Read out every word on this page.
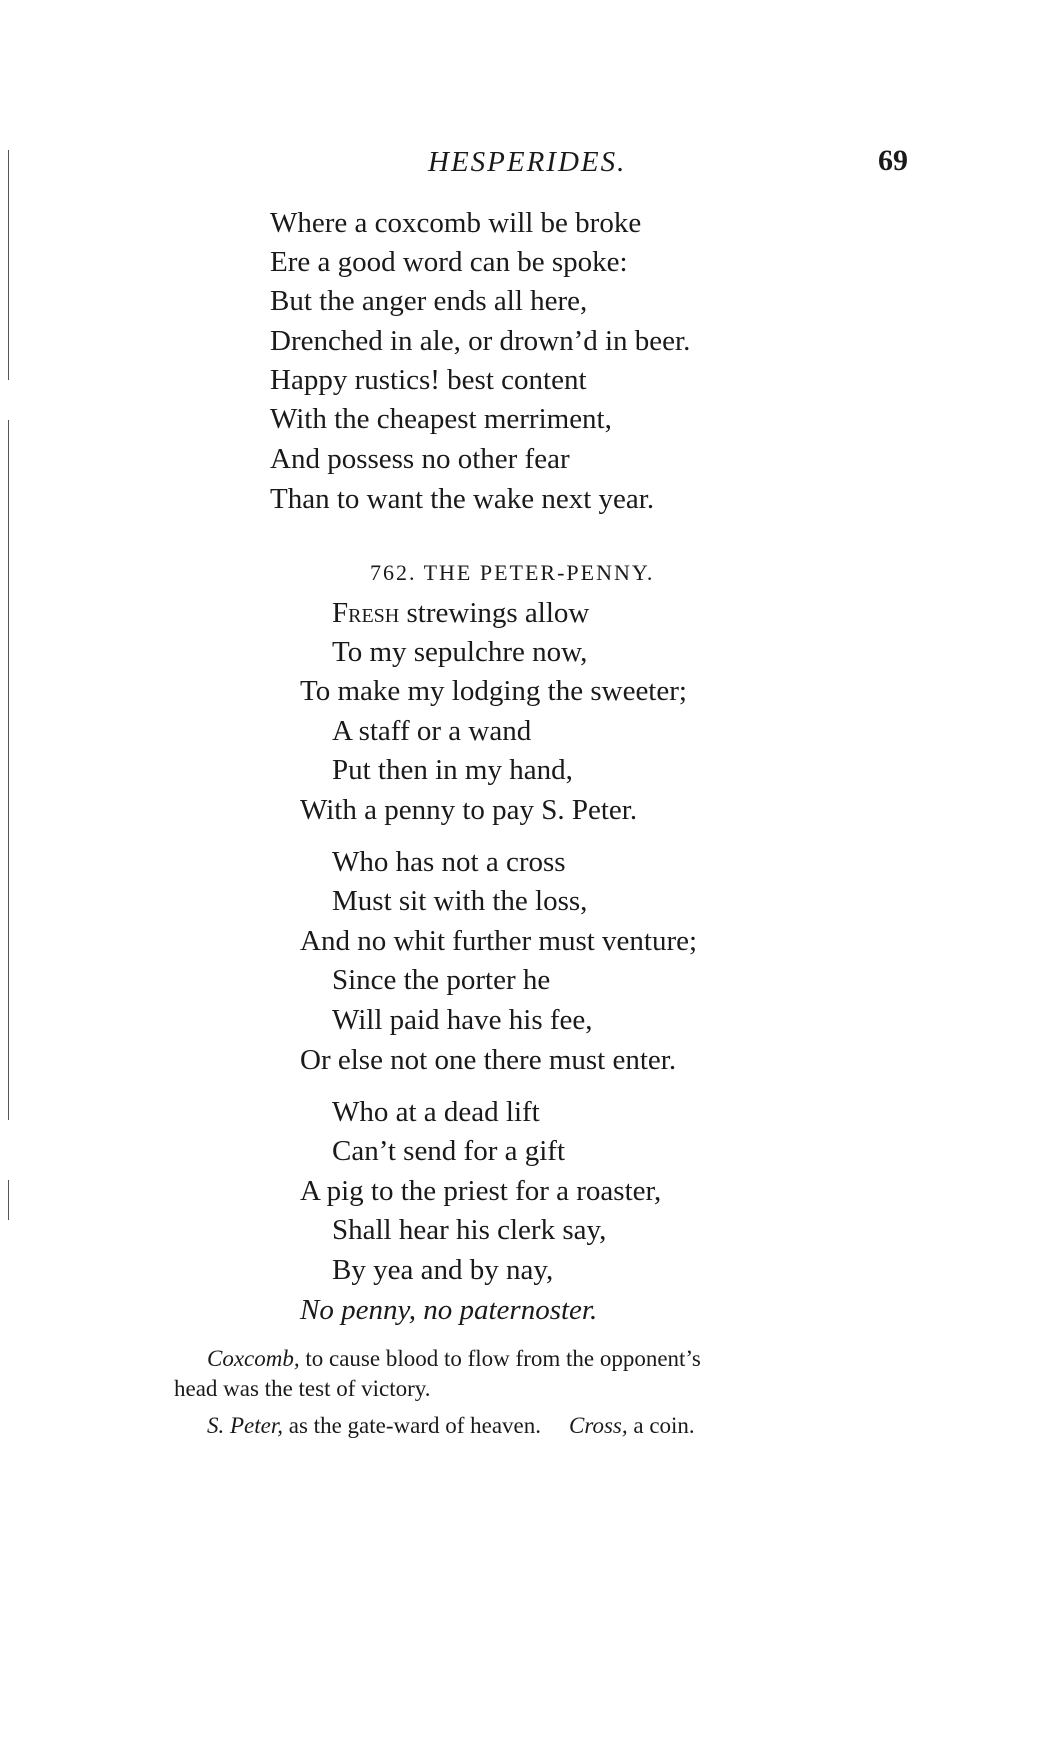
HESPERIDES.	69
Where a coxcomb will be broke
Ere a good word can be spoke:
But the anger ends all here,
Drenched in ale, or drown’d in beer.
Happy rustics! best content
With the cheapest merriment,
And possess no other fear
Than to want the wake next year.
762. THE PETER-PENNY.
Fresh strewings allow
To my sepulchre now,
To make my lodging the sweeter;
A staff or a wand
Put then in my hand,
With a penny to pay S. Peter.
Who has not a cross
Must sit with the loss,
And no whit further must venture;
Since the porter he
Will paid have his fee,
Or else not one there must enter.
Who at a dead lift
Can’t send for a gift
A pig to the priest for a roaster,
Shall hear his clerk say,
By yea and by nay,
No penny, no paternoster.
Coxcomb, to cause blood to flow from the opponent’s
head was the test of victory.
S. Peter, as the gate-ward of heaven. Cross, a coin.
